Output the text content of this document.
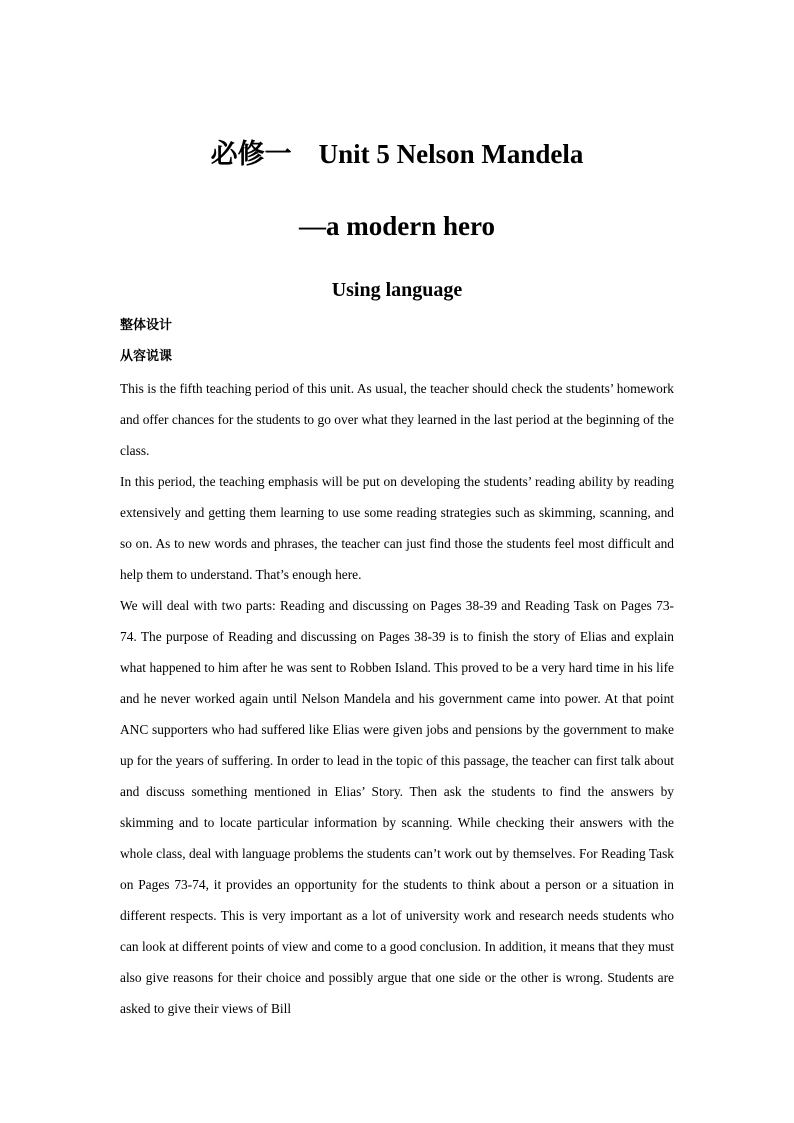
必修一　Unit 5 Nelson Mandela
—a modern hero
Using language
整体设计
从容说课

This is the fifth teaching period of this unit. As usual, the teacher should check the students’ homework and offer chances for the students to go over what they learned in the last period at the beginning of the class.

In this period, the teaching emphasis will be put on developing the students’ reading ability by reading extensively and getting them learning to use some reading strategies such as skimming, scanning, and so on. As to new words and phrases, the teacher can just find those the students feel most difficult and help them to understand. That’s enough here.

We will deal with two parts: Reading and discussing on Pages 38-39 and Reading Task on Pages 73-74. The purpose of Reading and discussing on Pages 38-39 is to finish the story of Elias and explain what happened to him after he was sent to Robben Island. This proved to be a very hard time in his life and he never worked again until Nelson Mandela and his government came into power. At that point ANC supporters who had suffered like Elias were given jobs and pensions by the government to make up for the years of suffering. In order to lead in the topic of this passage, the teacher can first talk about and discuss something mentioned in Elias’ Story. Then ask the students to find the answers by skimming and to locate particular information by scanning. While checking their answers with the whole class, deal with language problems the students can’t work out by themselves. For Reading Task on Pages 73-74, it provides an opportunity for the students to think about a person or a situation in different respects. This is very important as a lot of university work and research needs students who can look at different points of view and come to a good conclusion. In addition, it means that they must also give reasons for their choice and possibly argue that one side or the other is wrong. Students are asked to give their views of Bill
